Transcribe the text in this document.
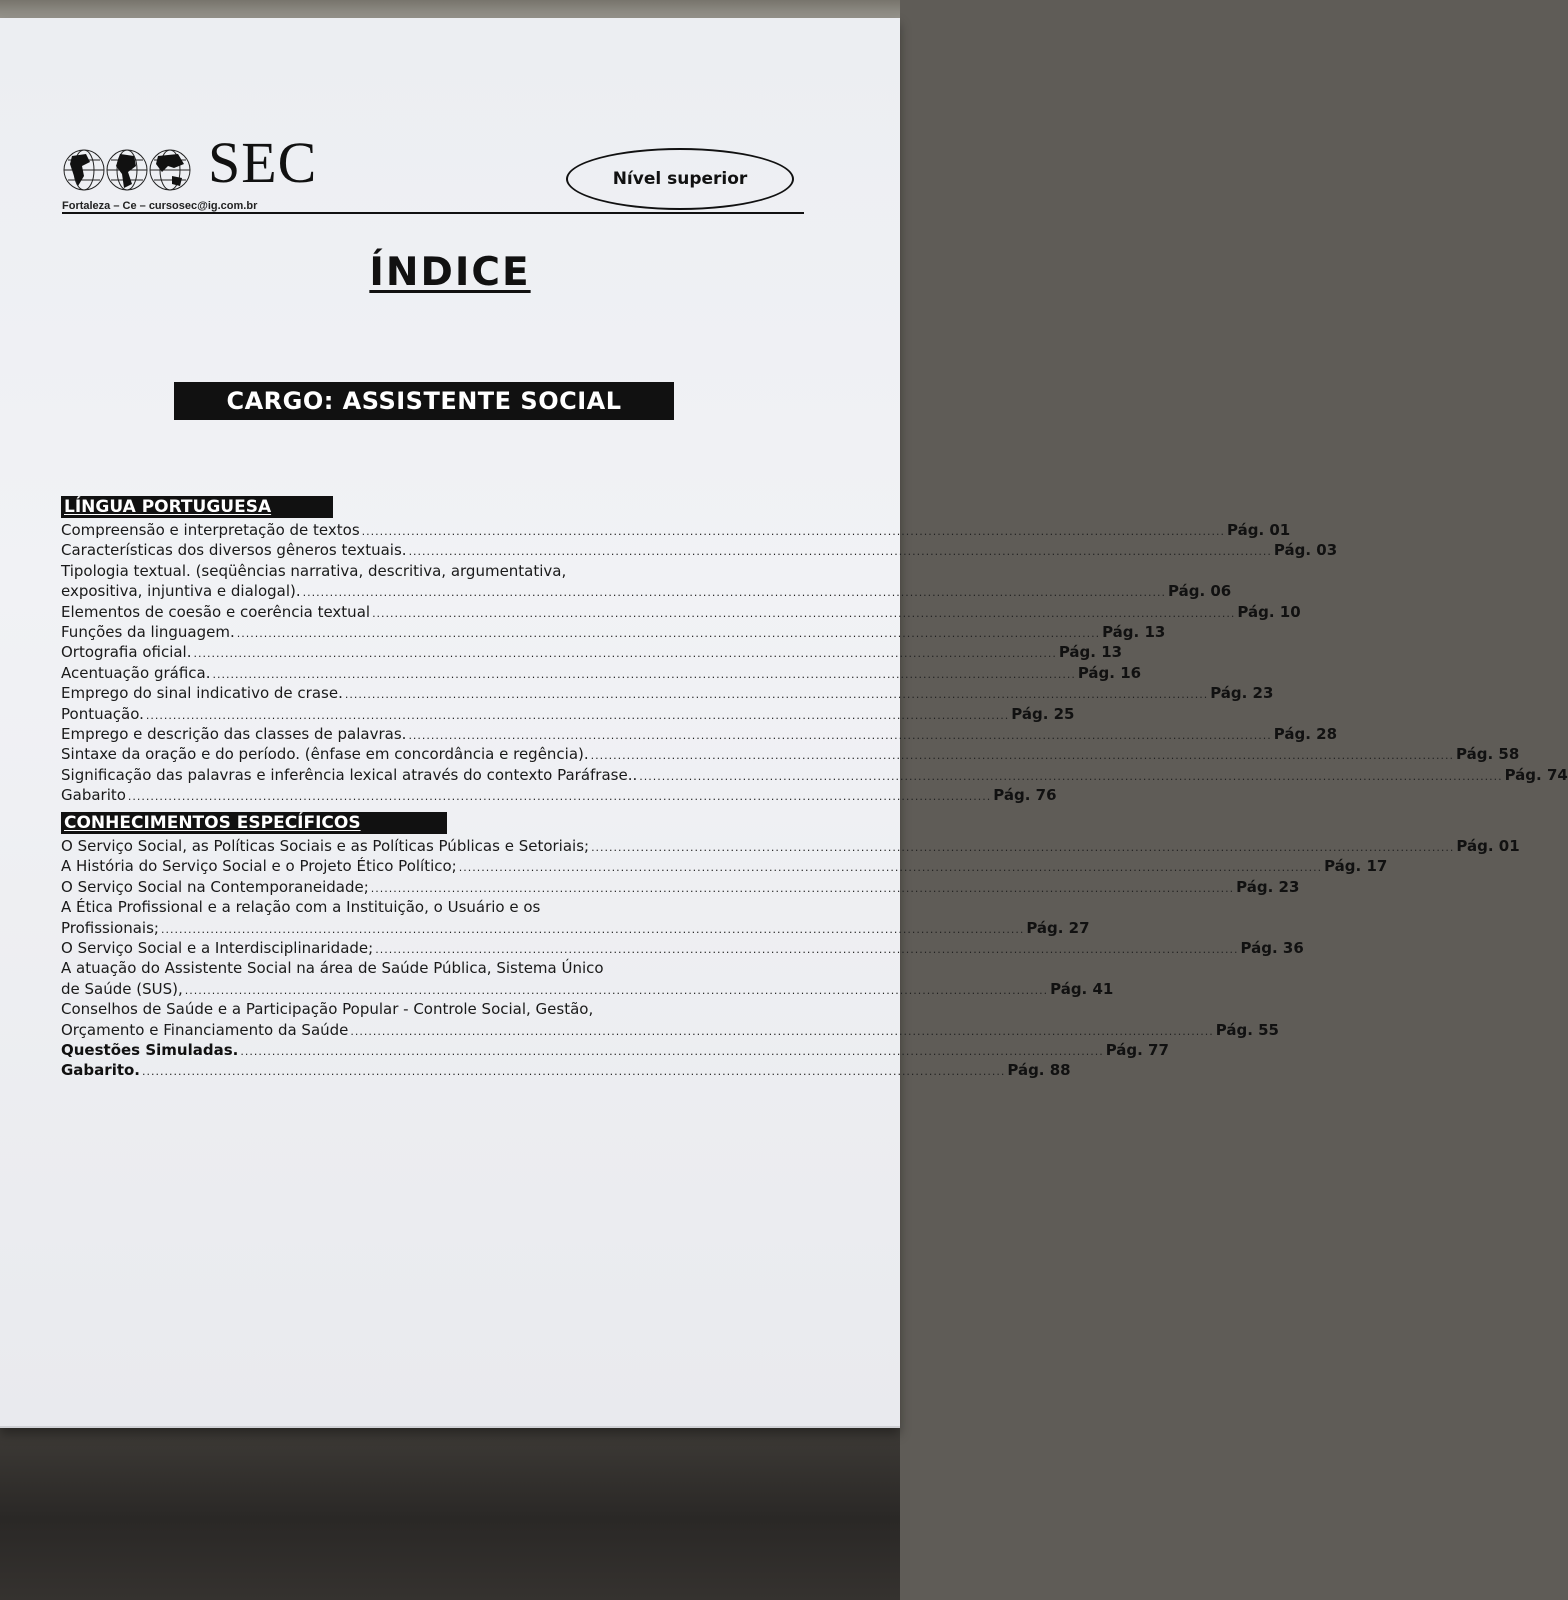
SEC
Fortaleza – Ce – cursosec@ig.com.br
Nível superior
ÍNDICE
CARGO: ASSISTENTE SOCIAL
LÍNGUA PORTUGUESA
Compreensão e interpretação de textos ................................................................................................................................................................................................ Pág. 01
Características dos diversos gêneros textuais. ................................................................................................................................................................................................ Pág. 03
Tipologia textual. (seqüências narrativa, descritiva, argumentativa,
expositiva, injuntiva e dialogal). ................................................................................................................................................................................................ Pág. 06
Elementos de coesão e coerência textual ................................................................................................................................................................................................ Pág. 10
Funções da linguagem. ................................................................................................................................................................................................ Pág. 13
Ortografia oficial. ................................................................................................................................................................................................ Pág. 13
Acentuação gráfica. ................................................................................................................................................................................................ Pág. 16
Emprego do sinal indicativo de crase. ................................................................................................................................................................................................ Pág. 23
Pontuação. ................................................................................................................................................................................................ Pág. 25
Emprego e descrição das classes de palavras. ................................................................................................................................................................................................ Pág. 28
Sintaxe da oração e do período. (ênfase em concordância e regência). ................................................................................................................................................................................................ Pág. 58
Significação das palavras e inferência lexical através do contexto Paráfrase.. ................................................................................................................................................................................................ Pág. 74
Gabarito ................................................................................................................................................................................................ Pág. 76
CONHECIMENTOS ESPECÍFICOS
O Serviço Social, as Políticas Sociais e as Políticas Públicas e Setoriais; ................................................................................................................................................................................................ Pág. 01
A História do Serviço Social e o Projeto Ético Político; ................................................................................................................................................................................................ Pág. 17
O Serviço Social na Contemporaneidade; ................................................................................................................................................................................................ Pág. 23
A Ética Profissional e a relação com a Instituição, o Usuário e os
Profissionais; ................................................................................................................................................................................................ Pág. 27
O Serviço Social e a Interdisciplinaridade; ................................................................................................................................................................................................ Pág. 36
A atuação do Assistente Social na área de Saúde Pública, Sistema Único
de Saúde (SUS), ................................................................................................................................................................................................ Pág. 41
Conselhos de Saúde e a Participação Popular - Controle Social, Gestão,
Orçamento e Financiamento da Saúde ................................................................................................................................................................................................ Pág. 55
Questões Simuladas. ................................................................................................................................................................................................ Pág. 77
Gabarito. ................................................................................................................................................................................................ Pág. 88
